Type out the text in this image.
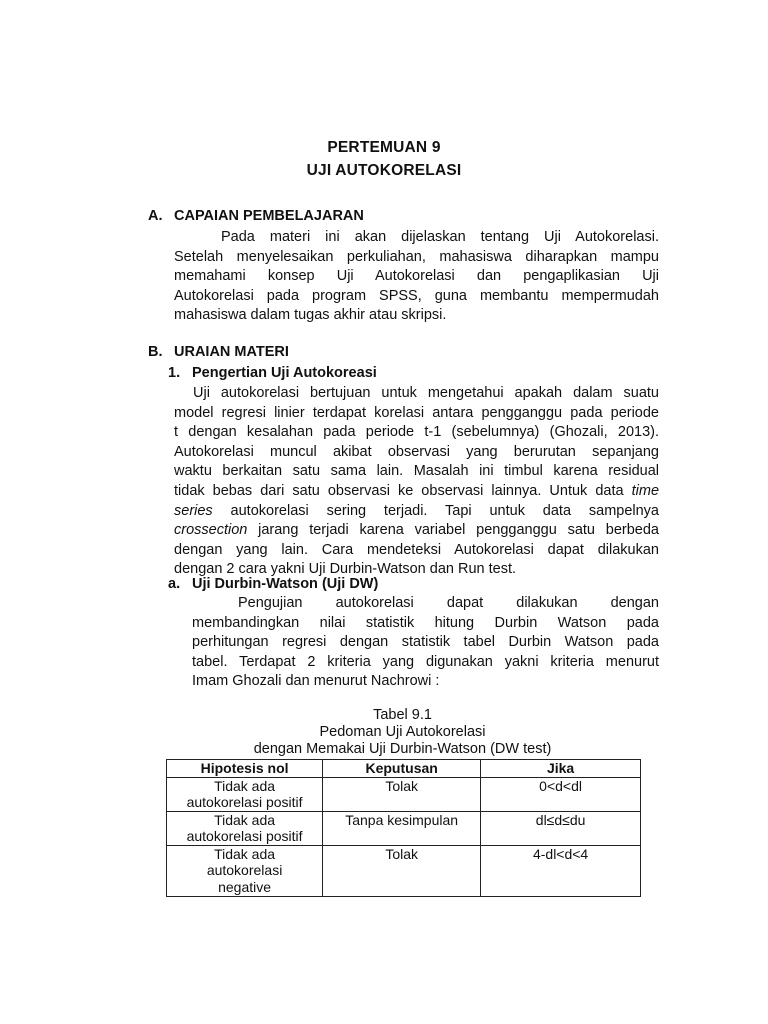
PERTEMUAN 9
UJI AUTOKORELASI
A. CAPAIAN PEMBELAJARAN
Pada materi ini akan dijelaskan tentang Uji Autokorelasi.
Setelah menyelesaikan perkuliahan, mahasiswa diharapkan mampu
memahami konsep Uji Autokorelasi dan pengaplikasian Uji
Autokorelasi pada program SPSS, guna membantu mempermudah
mahasiswa dalam tugas akhir atau skripsi.
B. URAIAN MATERI
1. Pengertian Uji Autokoreasi
Uji autokorelasi bertujuan untuk mengetahui apakah dalam suatu
model regresi linier terdapat korelasi antara pengganggu pada periode
t dengan kesalahan pada periode t-1 (sebelumnya) (Ghozali, 2013).
Autokorelasi muncul akibat observasi yang berurutan sepanjang
waktu berkaitan satu sama lain. Masalah ini timbul karena residual
tidak bebas dari satu observasi ke observasi lainnya. Untuk data time
series autokorelasi sering terjadi. Tapi untuk data sampelnya
crossection jarang terjadi karena variabel pengganggu satu berbeda
dengan yang lain. Cara mendeteksi Autokorelasi dapat dilakukan
dengan 2 cara yakni Uji Durbin-Watson dan Run test.
a. Uji Durbin-Watson (Uji DW)
Pengujian autokorelasi dapat dilakukan dengan
membandingkan nilai statistik hitung Durbin Watson pada
perhitungan regresi dengan statistik tabel Durbin Watson pada
tabel. Terdapat 2 kriteria yang digunakan yakni kriteria menurut
Imam Ghozali dan menurut Nachrowi :
Tabel 9.1
Pedoman Uji Autokorelasi
dengan Memakai Uji Durbin-Watson (DW test)
Hipotesis nol	Keputusan	Jika

Tidak ada
autokorelasi positif	Tolak	0<d<dl

Tidak ada
autokorelasi positif	Tanpa kesimpulan	dl≤d≤du

Tidak ada
autokorelasi
negative	Tolak	4-dl<d<4
